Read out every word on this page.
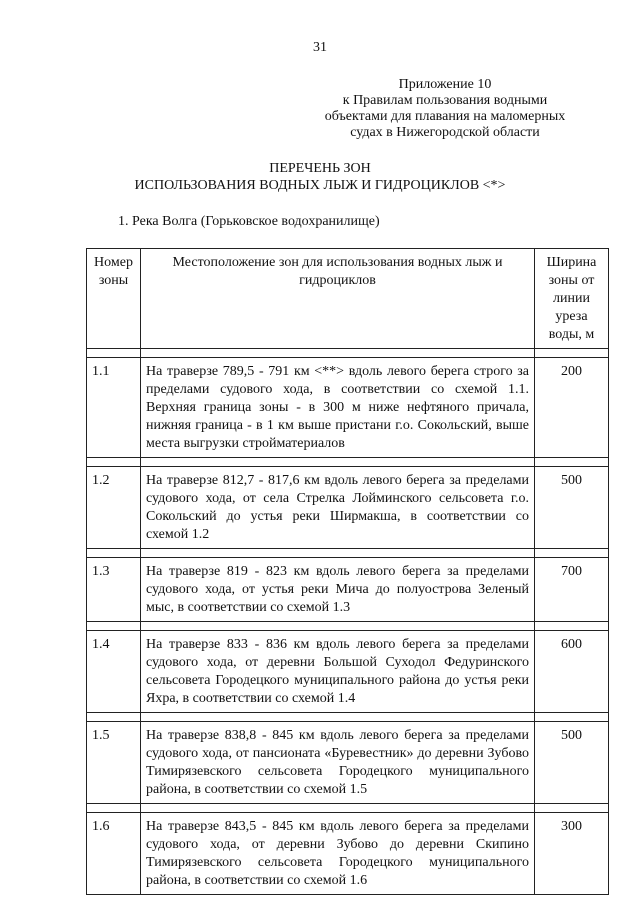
31
Приложение 10
к Правилам пользования водными
объектами для плавания на маломерных
судах в Нижегородской области
ПЕРЕЧЕНЬ ЗОН
ИСПОЛЬЗОВАНИЯ ВОДНЫХ ЛЫЖ И ГИДРОЦИКЛОВ <*>
1. Река Волга (Горьковское водохранилище)
Номер зоны	Местоположение зон для использования водных лыж и гидроциклов	Ширина зоны от линии уреза воды, м

1.1	На траверзе 789,5 - 791 км <**> вдоль левого берега строго за пределами судового хода, в соответствии со схемой 1.1. Верхняя граница зоны - в 300 м ниже нефтяного причала, нижняя граница - в 1 км выше пристани г.о. Сокольский, выше места выгрузки стройматериалов	200

1.2	На траверзе 812,7 - 817,6 км вдоль левого берега за пределами судового хода, от села Стрелка Лойминского сельсовета г.о. Сокольский до устья реки Ширмакша, в соответствии со схемой 1.2	500

1.3	На траверзе 819 - 823 км вдоль левого берега за пределами судового хода, от устья реки Мича до полуострова Зеленый мыс, в соответствии со схемой 1.3	700

1.4	На траверзе 833 - 836 км вдоль левого берега за пределами судового хода, от деревни Большой Суходол Федуринского сельсовета Городецкого муниципального района до устья реки Яхра, в соответствии со схемой 1.4	600

1.5	На траверзе 838,8 - 845 км вдоль левого берега за пределами судового хода, от пансионата «Буревестник» до деревни Зубово Тимирязевского сельсовета Городецкого муниципального района, в соответствии со схемой 1.5	500

1.6	На траверзе 843,5 - 845 км вдоль левого берега за пределами судового хода, от деревни Зубово до деревни Скипино Тимирязевского сельсовета Городецкого муниципального района, в соответствии со схемой 1.6	300
